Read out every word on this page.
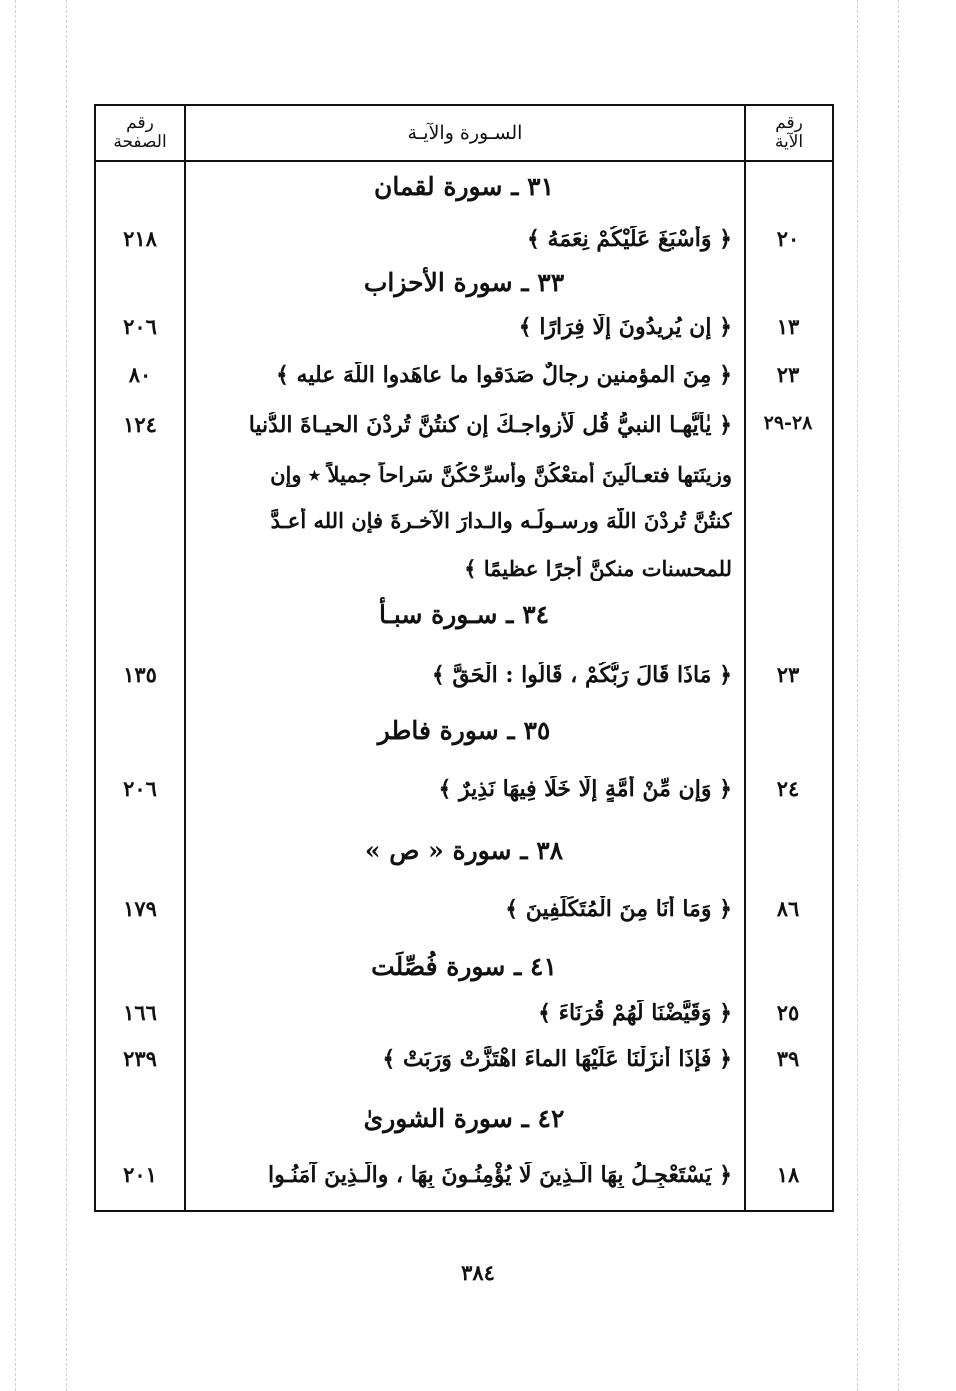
رقم
الآية
السـورة والآيـة
رقم
الصفحة
٣١ ـ سورة لقمان
٢٠
﴿ وَأَسْبَغَ عَلَيْكُمْ نِعَمَهُ ﴾
٢١٨
٣٣ ـ سورة الأحزاب
١٣
﴿ إن يُرِيدُونَ إلَّا فِرَارًا ﴾
٢٠٦
٢٣
﴿ مِنَ المؤمنين رجالٌ صَدَقوا ما عاهَدوا اللَّهَ عليه ﴾
٨٠
٢٨-٢٩
﴿ يٰأيُّهـا النبيُّ قُل لِّأزواجـكَ إن كنتُنَّ تُردْنَ الحيـاةَ الدُّنيا
١٢٤
وزينَتها فتعـالَينَ أمتعْكُنَّ وأسرِّحْكُنَّ سَراحاً جميلاً ٭ وإن
كنتُنَّ تُردْنَ اللَّهَ ورسـولَـه والـدارَ الآخـرةَ فإن الله أعـدَّ
للمحسنات منكنَّ أجرًا عظيمًا ﴾
٣٤ ـ سـورة سبـأ
٢٣
﴿ مَاذَا قَالَ رَبُّكُمْ ، قَالُوا : الْحَقَّ ﴾
١٣٥
٣٥ ـ سورة فاطر
٢٤
﴿ وَإن مِّنْ أُمَّةٍ إلَّا خَلَا فِيهَا نَذِيرٌ ﴾
٢٠٦
٣٨ ـ سورة « ص »
٨٦
﴿ وَمَا أَنَا مِنَ الْمُتَكَلِّفِينَ ﴾
١٧٩
٤١ ـ سورة فُصِّلَت
٢٥
﴿ وَقَيَّضْنَا لَهُمْ قُرَنَاءَ ﴾
١٦٦
٣٩
﴿ فَإذَا أَنزَلْنَا عَلَيْهَا الماءَ اهْتَزَّتْ وَرَبَتْ ﴾
٢٣٩
٤٢ ـ سورة الشورىٰ
١٨
﴿ يَسْتَعْجِـلُ بِهَا الَّـذِينَ لَا يُؤْمِنُـونَ بِهَا ، والَّـذِينَ آمَنُـوا
٢٠١
٣٨٤
